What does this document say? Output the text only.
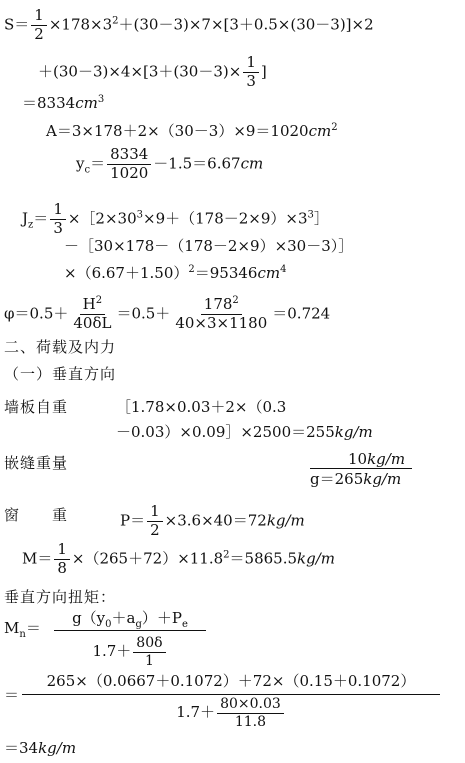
$S= \frac{1}{2} \times 178\times 3^2+(30-3)\times 7\times[3+0.5\times(30-3)]\times 2$
$+(30-3)\times 4\times[3+(30-3)\times \frac{1}{3}$ ]
$=8334cm^3$
$A=3\times 178+2\times(30-3)\times 9=1020cm^2$
$y_c= \frac{8334}{1020} -1.5=6.67cm$
$J_z= \frac{1}{3}$ $\times[2\times 30^3\times 9+(178-2\times 9)\times 3^3]$
－［30×178－（178－2×9）×30－3）］
$\times(6.67+1.50)^2=95346cm^4$
$\varphi=0.5+ \frac{H^2}{40\delta L} =0.5+ \frac{178^2}{40\times 3\times 1180} =0.724$
二、荷载及内力
（一）垂直方向
墙板自重	［1.78×0.03＋2×（0.3
－0.03）×0.09］×2500＝255kg/m
嵌缝重量	10kg/m
g＝265kg/m
窗　　重	$P= \frac{1}{2} \times 3.6\times 40=72kg/m$
$M= \frac{1}{8} \times(265+72)\times 11.8^2=5865.5kg/m$
垂直方向扭矩：
$M_n=$
$g(y_0+a_g)+P_e$
$1.7+ \frac{80\delta}{1}$
＝
265×（0.0667＋0.1072）＋72×（0.15＋0.1072）
$1.7+ \frac{80\times 0.03}{11.8}$
＝34kg/m
